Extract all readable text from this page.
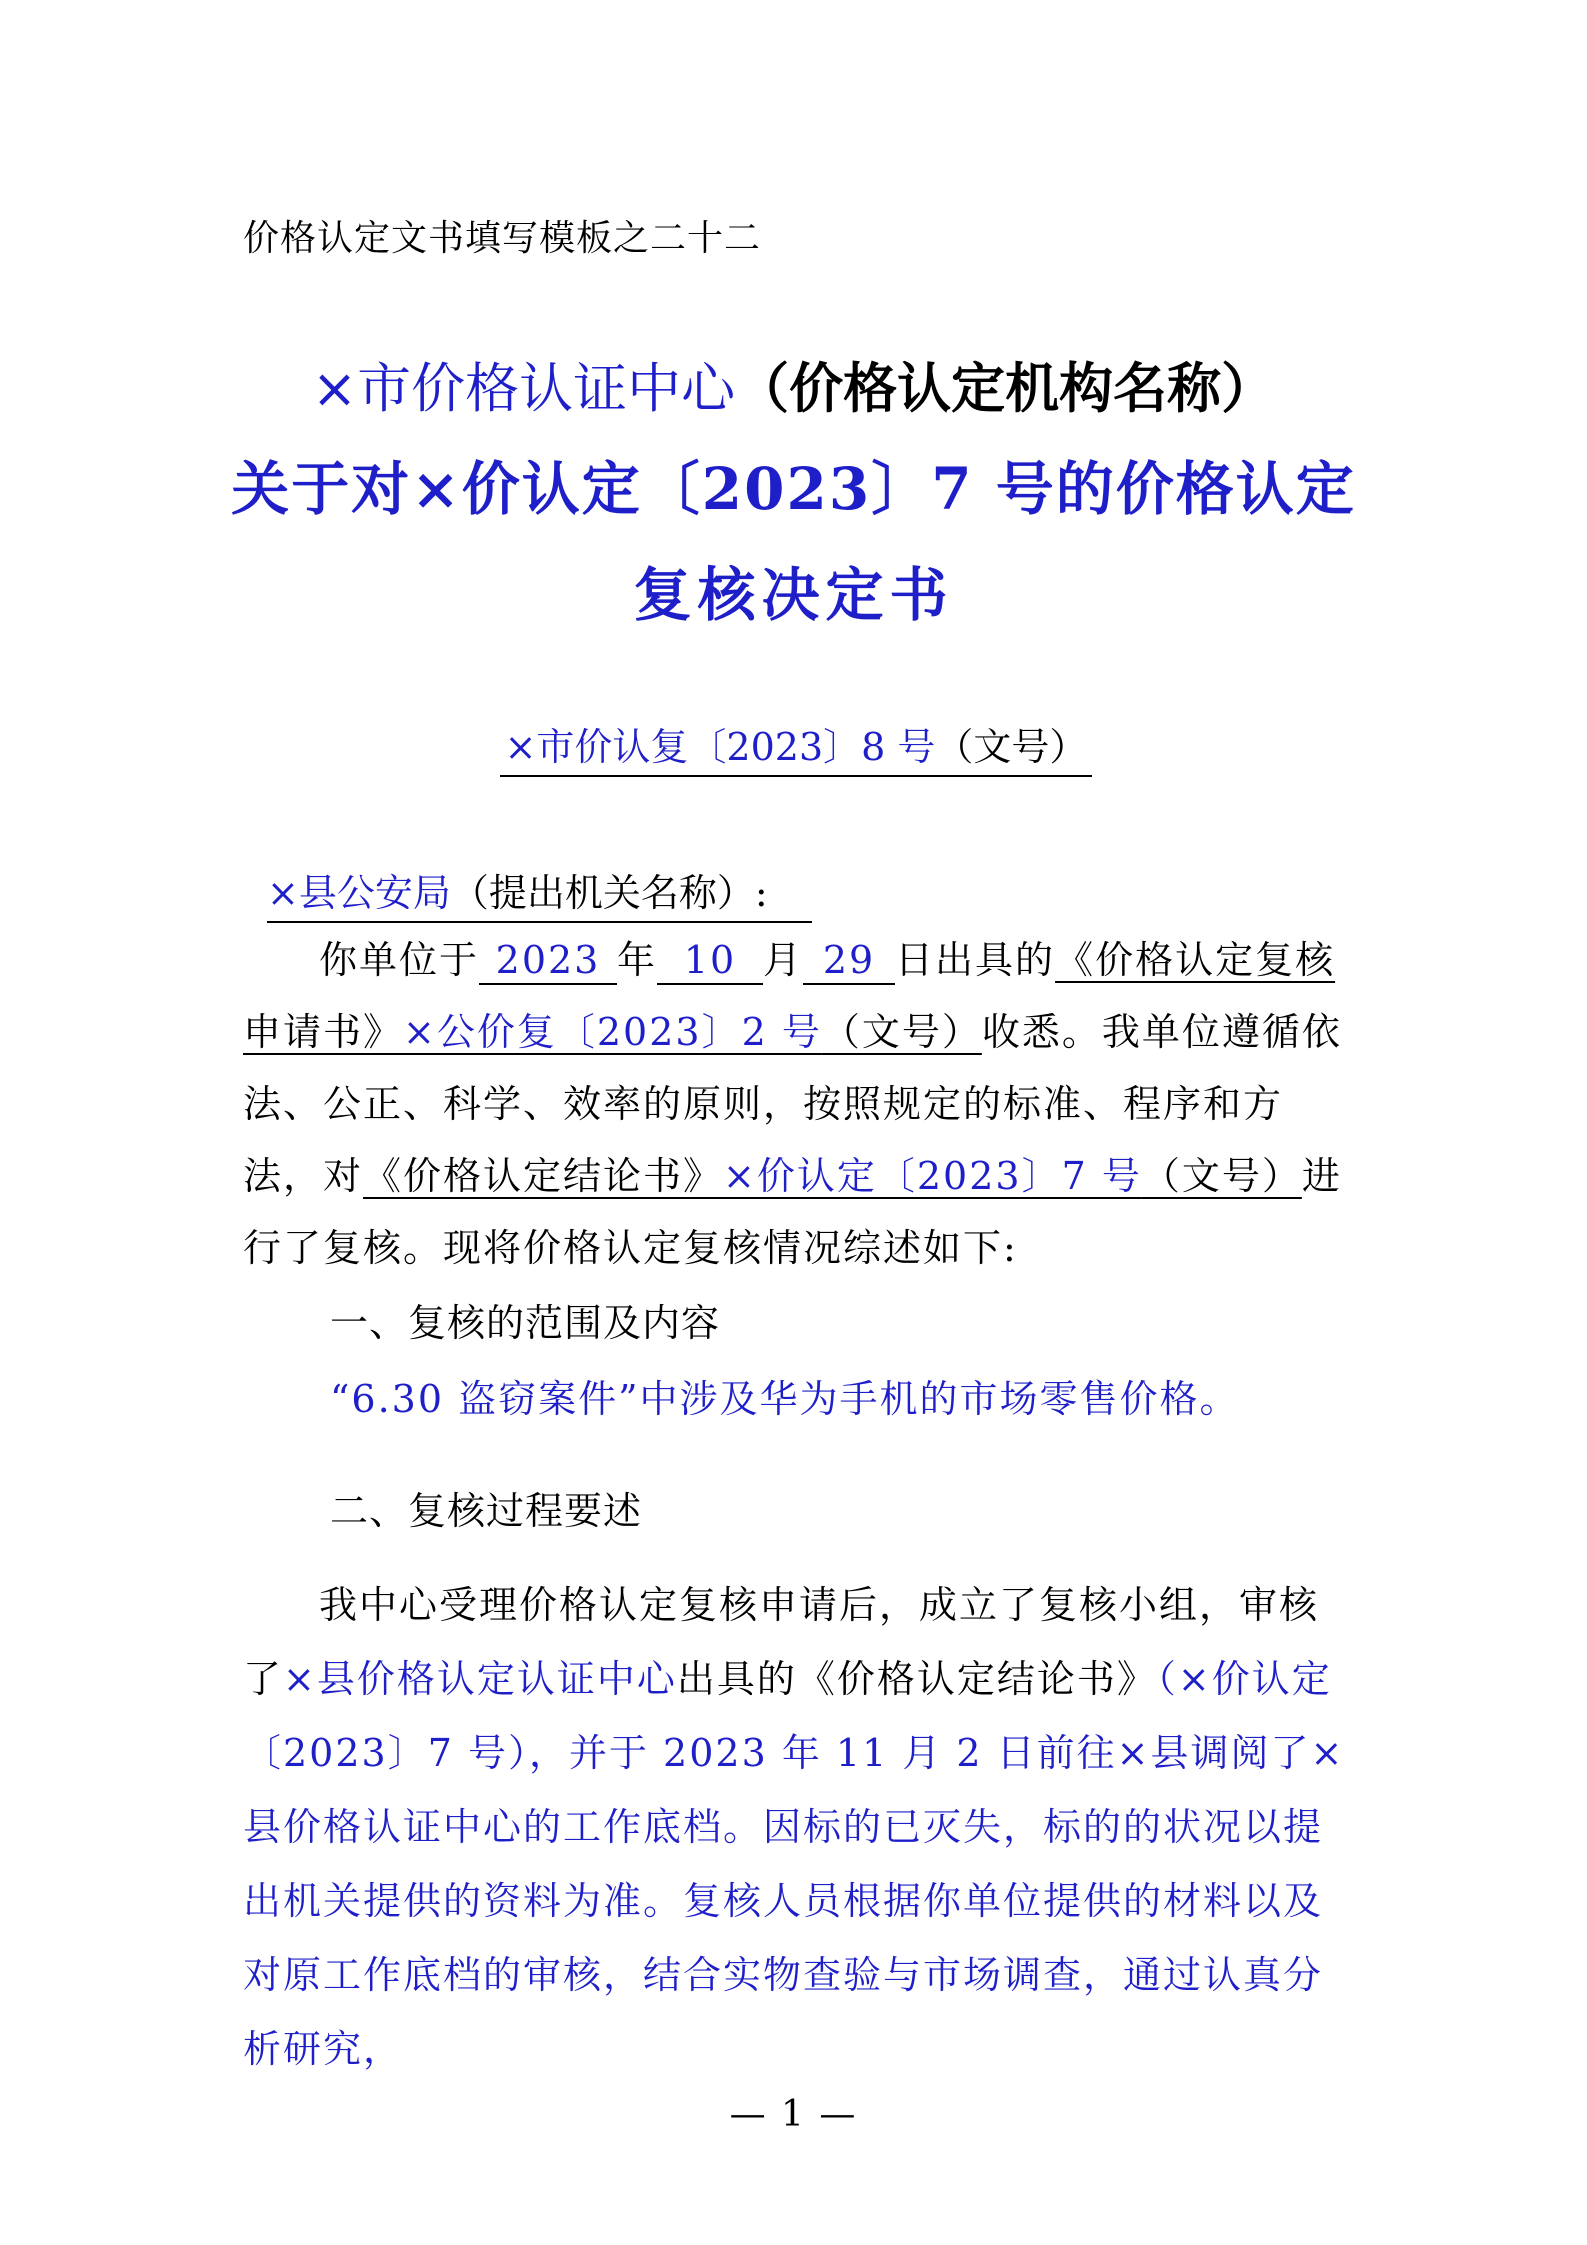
价格认定文书填写模板之二十二
×市价格认证中心（价格认定机构名称）
关于对×价认定〔2023〕7 号的价格认定
复核决定书
×市价认复〔2023〕8 号（文号）
×县公安局（提出机关名称）:
你单位于 2023 年 10 月 29 日出具的《价格认定复核申请书》×公价复〔2023〕2 号（文号）收悉。我单位遵循依法、公正、科学、效率的原则，按照规定的标准、程序和方法，对《价格认定结论书》×价认定〔2023〕7 号（文号）进行了复核。现将价格认定复核情况综述如下:
一、复核的范围及内容
“6.30 盗窃案件”中涉及华为手机的市场零售价格。
二、复核过程要述
我中心受理价格认定复核申请后，成立了复核小组，审核了×县价格认定认证中心出具的《价格认定结论书》（×价认定〔2023〕7 号），并于 2023 年 11 月 2 日前往×县调阅了×县价格认证中心的工作底档。因标的已灭失，标的的状况以提出机关提供的资料为准。复核人员根据你单位提供的材料以及对原工作底档的审核，结合实物查验与市场调查，通过认真分析研究，
— 1 —
